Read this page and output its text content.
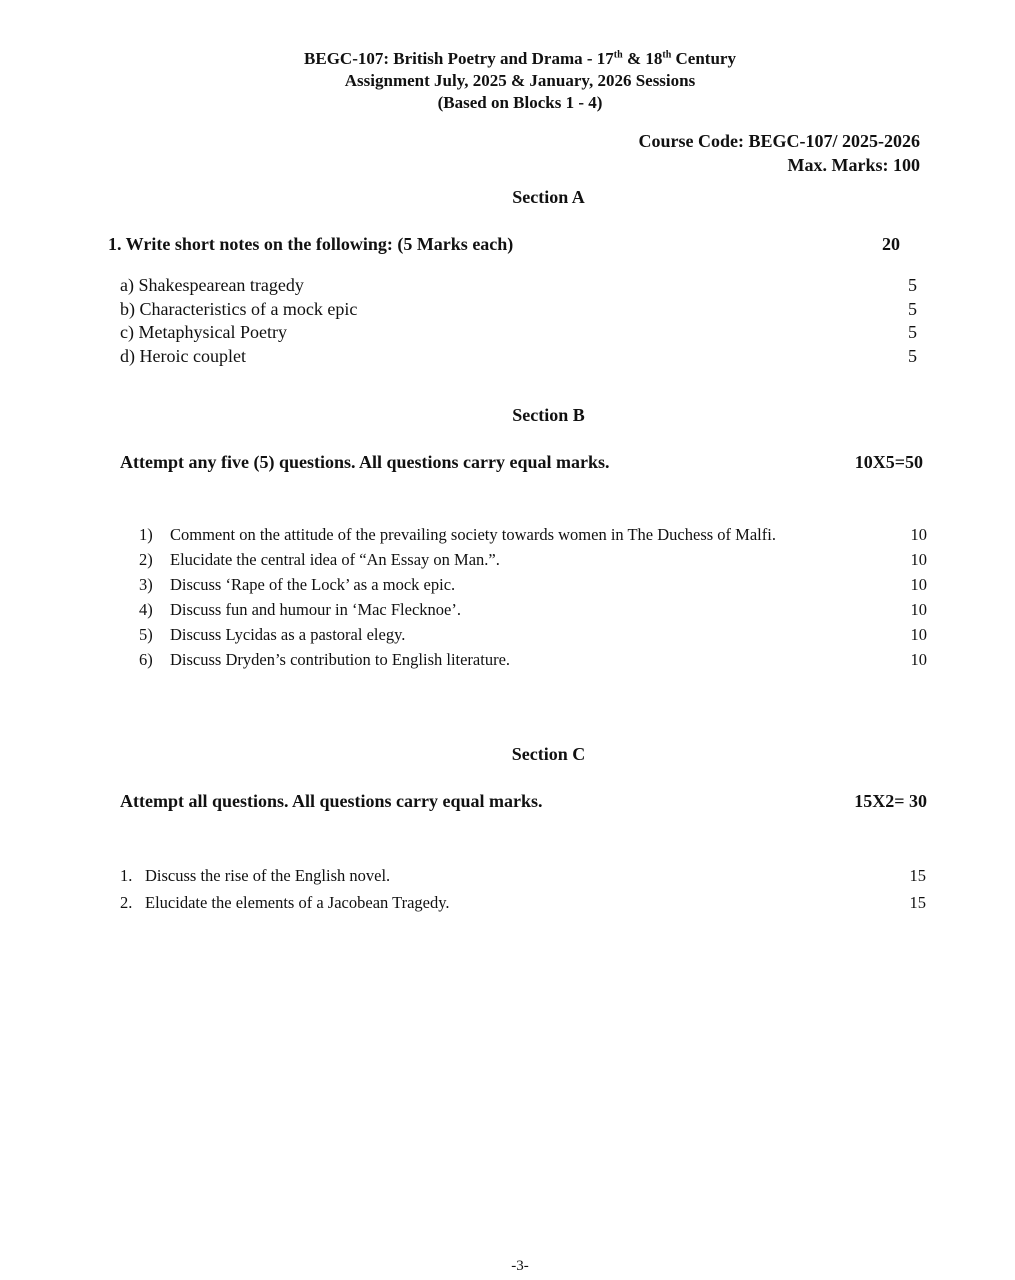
BEGC-107: British Poetry and Drama - 17th & 18th Century
Assignment July, 2025 & January, 2026 Sessions
(Based on Blocks 1 - 4)
Course Code: BEGC-107/ 2025-2026
Max. Marks: 100
Section A
1. Write short notes on the following: (5 Marks each)	20
a) Shakespearean tragedy	5
b) Characteristics of a mock epic	5
c) Metaphysical Poetry	5
d) Heroic couplet	5
Section B
Attempt any five (5) questions. All questions carry equal marks.	10X5=50
1) Comment on the attitude of the prevailing society towards women in The Duchess of Malfi.	10
2) Elucidate the central idea of “An Essay on Man.”.	10
3) Discuss ‘Rape of the Lock’ as a mock epic.	10
4) Discuss fun and humour in ‘Mac Flecknoe’.	10
5) Discuss Lycidas as a pastoral elegy.	10
6) Discuss Dryden’s contribution to English literature.	10
Section C
Attempt all questions. All questions carry equal marks.	15X2= 30
1. Discuss the rise of the English novel.	15
2. Elucidate the elements of a Jacobean Tragedy.	15
-3-
